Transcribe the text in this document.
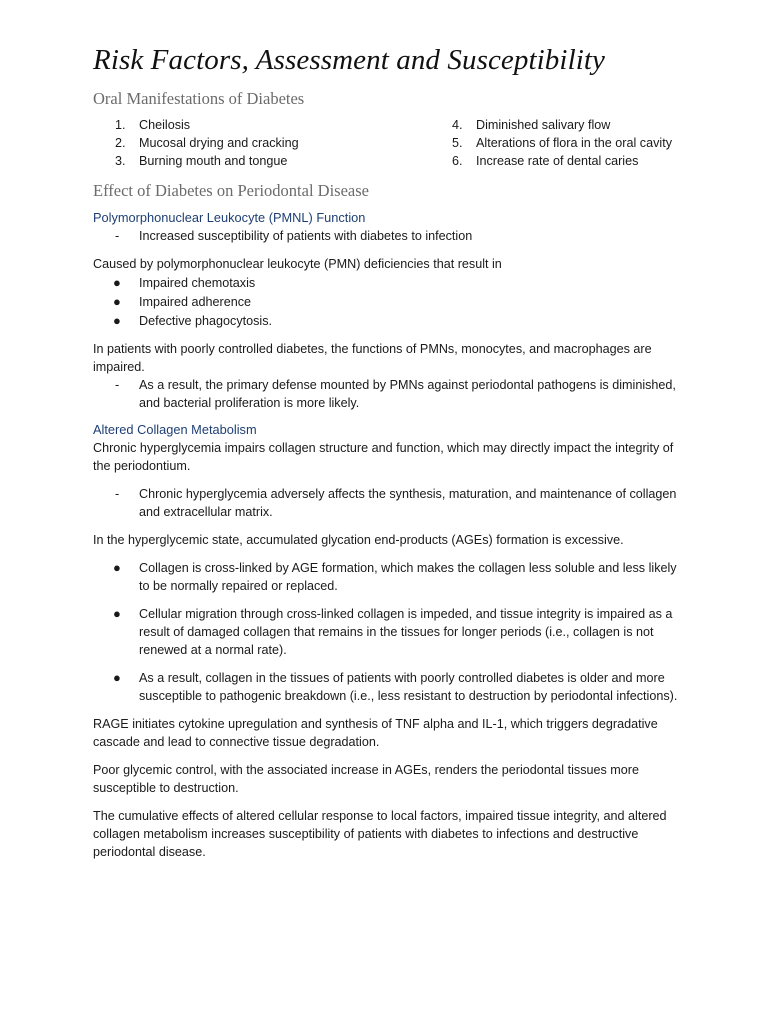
Risk Factors, Assessment and Susceptibility
Oral Manifestations of Diabetes
1. Cheilosis
2. Mucosal drying and cracking
3. Burning mouth and tongue
4. Diminished salivary flow
5. Alterations of flora in the oral cavity
6. Increase rate of dental caries
Effect of Diabetes on Periodontal Disease
Polymorphonuclear Leukocyte (PMNL) Function
- Increased susceptibility of patients with diabetes to infection

Caused by polymorphonuclear leukocyte (PMN) deficiencies that result in

● Impaired chemotaxis
● Impaired adherence
● Defective phagocytosis.

In patients with poorly controlled diabetes, the functions of PMNs, monocytes, and macrophages are impaired.

- As a result, the primary defense mounted by PMNs against periodontal pathogens is diminished, and bacterial proliferation is more likely.
Altered Collagen Metabolism

Chronic hyperglycemia impairs collagen structure and function, which may directly impact the integrity of the periodontium.

- Chronic hyperglycemia adversely affects the synthesis, maturation, and maintenance of collagen and extracellular matrix.

In the hyperglycemic state, accumulated glycation end-products (AGEs) formation is excessive.

● Collagen is cross-linked by AGE formation, which makes the collagen less soluble and less likely to be normally repaired or replaced.
● Cellular migration through cross-linked collagen is impeded, and tissue integrity is impaired as a result of damaged collagen that remains in the tissues for longer periods (i.e., collagen is not renewed at a normal rate).
● As a result, collagen in the tissues of patients with poorly controlled diabetes is older and more susceptible to pathogenic breakdown (i.e., less resistant to destruction by periodontal infections).

RAGE initiates cytokine upregulation and synthesis of TNF alpha and IL-1, which triggers degradative cascade and lead to connective tissue degradation.

Poor glycemic control, with the associated increase in AGEs, renders the periodontal tissues more susceptible to destruction.

The cumulative effects of altered cellular response to local factors, impaired tissue integrity, and altered collagen metabolism increases susceptibility of patients with diabetes to infections and destructive periodontal disease.
